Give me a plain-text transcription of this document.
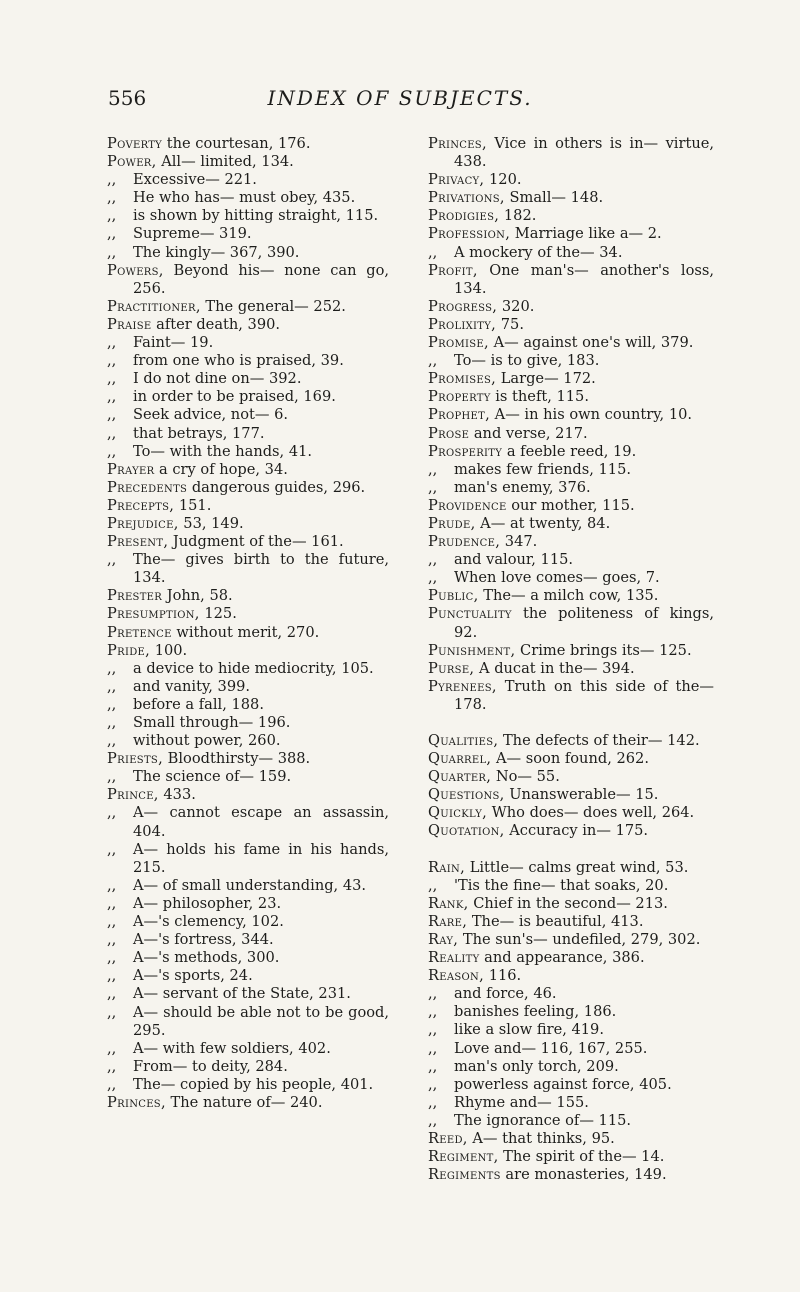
556	INDEX OF SUBJECTS.
Poverty the courtesan, 176.
Power, All— limited, 134.
,, Excessive— 221.
,, He who has— must obey, 435.
,, is shown by hitting straight, 115.
,, Supreme— 319.
,, The kingly— 367, 390.
Powers, Beyond his— none can go, 256.
Practitioner, The general— 252.
Praise after death, 390.
,, Faint— 19.
,, from one who is praised, 39.
,, I do not dine on— 392.
,, in order to be praised, 169.
,, Seek advice, not— 6.
,, that betrays, 177.
,, To— with the hands, 41.
Prayer a cry of hope, 34.
Precedents dangerous guides, 296.
Precepts, 151.
Prejudice, 53, 149.
Present, Judgment of the— 161.
,, The— gives birth to the future, 134.
Prester John, 58.
Presumption, 125.
Pretence without merit, 270.
Pride, 100.
,, a device to hide mediocrity, 105.
,, and vanity, 399.
,, before a fall, 188.
,, Small through— 196.
,, without power, 260.
Priests, Bloodthirsty— 388.
,, The science of— 159.
Prince, 433.
,, A— cannot escape an assassin, 404.
,, A— holds his fame in his hands, 215.
,, A— of small understanding, 43.
,, A— philosopher, 23.
,, A—'s clemency, 102.
,, A—'s fortress, 344.
,, A—'s methods, 300.
,, A—'s sports, 24.
,, A— servant of the State, 231.
,, A— should be able not to be good, 295.
,, A— with few soldiers, 402.
,, From— to deity, 284.
,, The— copied by his people, 401.
Princes, The nature of— 240.
Princes, Vice in others is in— virtue, 438.
Privacy, 120.
Privations, Small— 148.
Prodigies, 182.
Profession, Marriage like a— 2.
,, A mockery of the— 34.
Profit, One man's— another's loss, 134.
Progress, 320.
Prolixity, 75.
Promise, A— against one's will, 379.
,, To— is to give, 183.
Promises, Large— 172.
Property is theft, 115.
Prophet, A— in his own country, 10.
Prose and verse, 217.
Prosperity a feeble reed, 19.
,, makes few friends, 115.
,, man's enemy, 376.
Providence our mother, 115.
Prude, A— at twenty, 84.
Prudence, 347.
,, and valour, 115.
,, When love comes— goes, 7.
Public, The— a milch cow, 135.
Punctuality the politeness of kings, 92.
Punishment, Crime brings its— 125.
Purse, A ducat in the— 394.
Pyrenees, Truth on this side of the— 178.
Qualities, The defects of their— 142.
Quarrel, A— soon found, 262.
Quarter, No— 55.
Questions, Unanswerable— 15.
Quickly, Who does— does well, 264.
Quotation, Accuracy in— 175.
Rain, Little— calms great wind, 53.
,, 'Tis the fine— that soaks, 20.
Rank, Chief in the second— 213.
Rare, The— is beautiful, 413.
Ray, The sun's— undefiled, 279, 302.
Reality and appearance, 386.
Reason, 116.
,, and force, 46.
,, banishes feeling, 186.
,, like a slow fire, 419.
,, Love and— 116, 167, 255.
,, man's only torch, 209.
,, powerless against force, 405.
,, Rhyme and— 155.
,, The ignorance of— 115.
Reed, A— that thinks, 95.
Regiment, The spirit of the— 14.
Regiments are monasteries, 149.
